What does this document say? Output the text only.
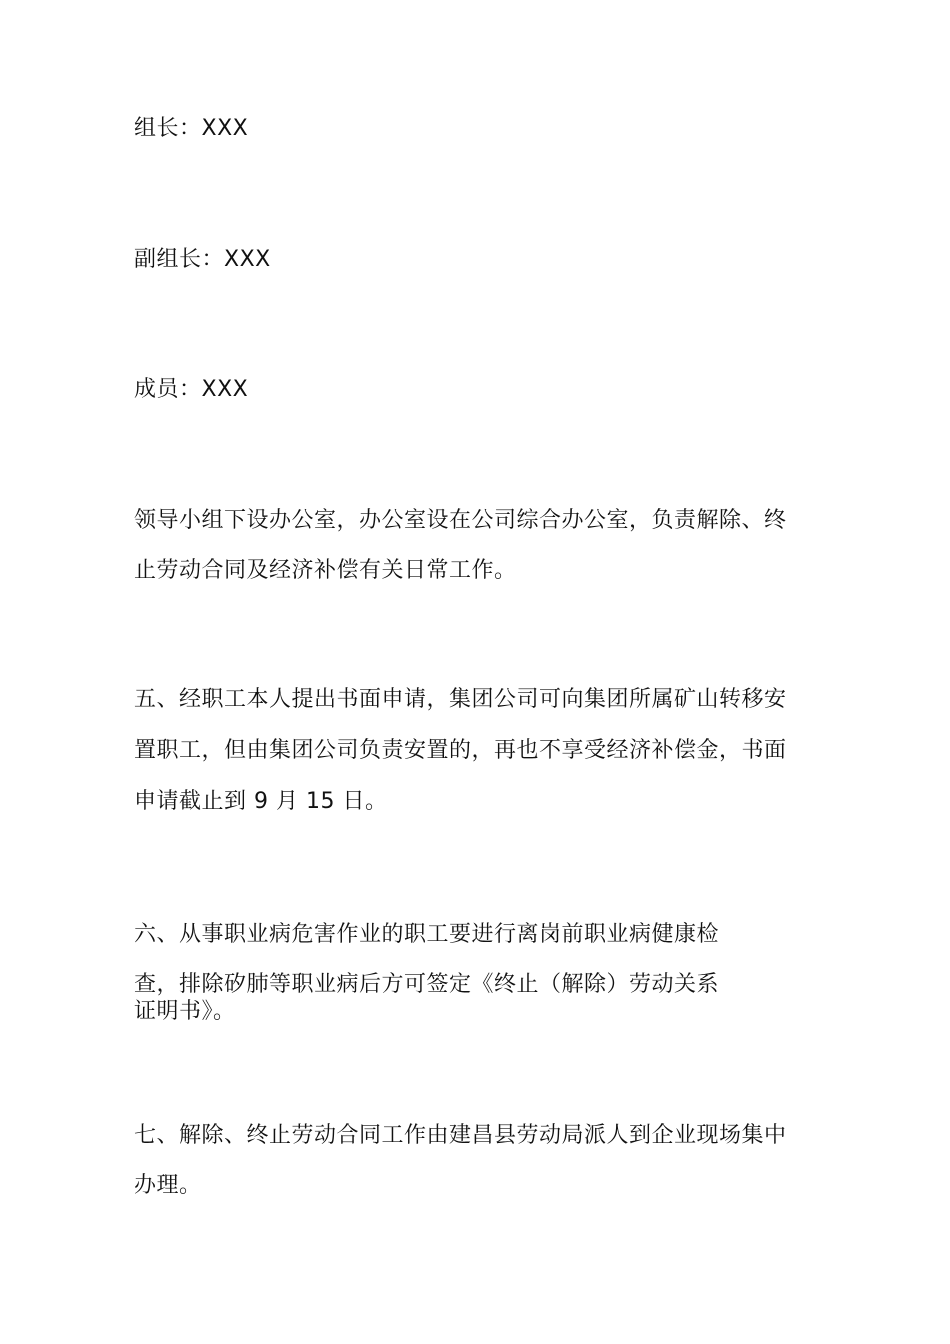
组长：XXX
副组长：XXX
成员：XXX
领导小组下设办公室，办公室设在公司综合办公室，负责解除、终
止劳动合同及经济补偿有关日常工作。
五、经职工本人提出书面申请，集团公司可向集团所属矿山转移安
置职工，但由集团公司负责安置的，再也不享受经济补偿金，书面
申请截止到 9 月 15 日。
六、从事职业病危害作业的职工要进行离岗前职业病健康检
查，排除矽肺等职业病后方可签定《终止（解除）劳动关系
证明书》。
七、解除、终止劳动合同工作由建昌县劳动局派人到企业现场集中
办理。
